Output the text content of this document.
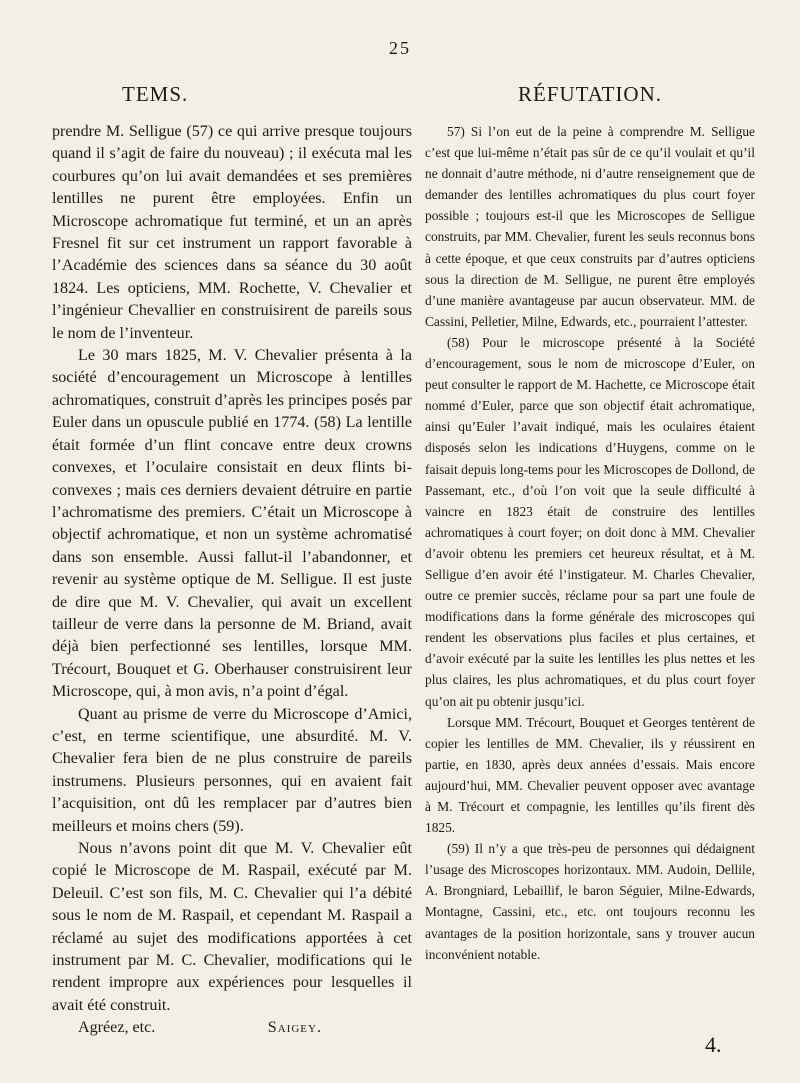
25
TEMS.

prendre M. Selligue (57) ce qui arrive presque toujours quand il s’agit de faire du nouveau) ; il exécuta mal les courbures qu’on lui avait demandées et ses premières lentilles ne purent être employées. Enfin un Microscope achromatique fut terminé, et un an après Fresnel fit sur cet instrument un rapport favorable à l’Académie des sciences dans sa séance du 30 août 1824. Les opticiens, MM. Rochette, V. Chevalier et l’ingénieur Chevallier en construisirent de pareils sous le nom de l’inventeur.

Le 30 mars 1825, M. V. Chevalier présenta à la société d’encouragement un Microscope à lentilles achromatiques, construit d’après les principes posés par Euler dans un opuscule publié en 1774. (58) La lentille était formée d’un flint concave entre deux crowns convexes, et l’oculaire consistait en deux flints bi-convexes ; mais ces derniers devaient détruire en partie l’achromatisme des premiers. C’était un Microscope à objectif achromatique, et non un système achromatisé dans son ensemble. Aussi fallut-il l’abandonner, et revenir au système optique de M. Selligue. Il est juste de dire que M. V. Chevalier, qui avait un excellent tailleur de verre dans la personne de M. Briand, avait déjà bien perfectionné ses lentilles, lorsque MM. Trécourt, Bouquet et G. Oberhauser construisirent leur Microscope, qui, à mon avis, n’a point d’égal.

Quant au prisme de verre du Microscope d’Amici, c’est, en terme scientifique, une absurdité. M. V. Chevalier fera bien de ne plus construire de pareils instrumens. Plusieurs personnes, qui en avaient fait l’acquisition, ont dû les remplacer par d’autres bien meilleurs et moins chers (59).

Nous n’avons point dit que M. V. Chevalier eût copié le Microscope de M. Raspail, exécuté par M. Deleuil. C’est son fils, M. C. Chevalier qui l’a débité sous le nom de M. Raspail, et cependant M. Raspail a réclamé au sujet des modifications apportées à cet instrument par M. C. Chevalier, modifications qui le rendent impropre aux expériences pour lesquelles il avait été construit.

Agréez, etc.	Saigey.
RÉFUTATION.

57) Si l’on eut de la peine à comprendre M. Selligue c’est que lui-même n’était pas sûr de ce qu’il voulait et qu’il ne donnait d’autre méthode, ni d’autre renseignement que de demander des lentilles achromatiques du plus court foyer possible ; toujours est-il que les Microscopes de Selligue construits, par MM. Chevalier, furent les seuls reconnus bons à cette époque, et que ceux construits par d’autres opticiens sous la direction de M. Selligue, ne purent être employés d’une manière avantageuse par aucun observateur. MM. de Cassini, Pelletier, Milne, Edwards, etc., pourraient l’attester.

(58) Pour le microscope présenté à la Société d’encouragement, sous le nom de microscope d’Euler, on peut consulter le rapport de M. Hachette, ce Microscope était nommé d’Euler, parce que son objectif était achromatique, ainsi qu’Euler l’avait indiqué, mais les oculaires étaient disposés selon les indications d’Huygens, comme on le faisait depuis long-tems pour les Microscopes de Dollond, de Passemant, etc., d’où l’on voit que la seule difficulté à vaincre en 1823 était de construire des lentilles achromatiques à court foyer; on doit donc à MM. Chevalier d’avoir obtenu les premiers cet heureux résultat, et à M. Selligue d’en avoir été l’instigateur. M. Charles Chevalier, outre ce premier succès, réclame pour sa part une foule de modifications dans la forme générale des microscopes qui rendent les observations plus faciles et plus certaines, et d’avoir exécuté par la suite les lentilles les plus nettes et les plus claires, les plus achromatiques, et du plus court foyer qu’on ait pu obtenir jusqu’ici.

Lorsque MM. Trécourt, Bouquet et Georges tentèrent de copier les lentilles de MM. Chevalier, ils y réussirent en partie, en 1830, après deux années d’essais. Mais encore aujourd’hui, MM. Chevalier peuvent opposer avec avantage à M. Trécourt et compagnie, les lentilles qu’ils firent dès 1825.

(59) Il n’y a que très-peu de personnes qui dédaignent l’usage des Microscopes horizontaux. MM. Audoin, Dellile, A. Brongniard, Lebaillif, le baron Séguier, Milne-Edwards, Montagne, Cassini, etc., etc. ont toujours reconnu les avantages de la position horizontale, sans y trouver aucun inconvénient notable.

4.
